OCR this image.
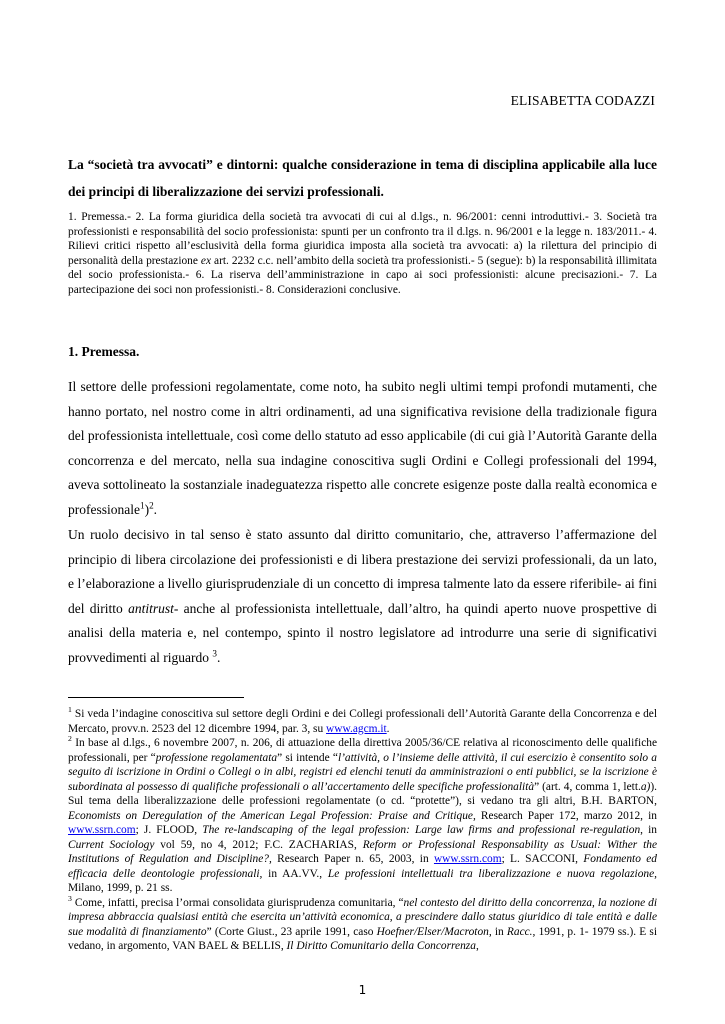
ELISABETTA CODAZZI
La “società tra avvocati” e dintorni: qualche considerazione in tema di disciplina applicabile alla luce dei principi di liberalizzazione dei servizi professionali.
1. Premessa.- 2. La forma giuridica della società tra avvocati di cui al d.lgs., n. 96/2001: cenni introduttivi.- 3. Società tra professionisti e responsabilità del socio professionista: spunti per un confronto tra il d.lgs. n. 96/2001 e la legge n. 183/2011.- 4. Rilievi critici rispetto all’esclusività della forma giuridica imposta alla società tra avvocati: a) la rilettura del principio di personalità della prestazione ex art. 2232 c.c. nell’ambito della società tra professionisti.- 5 (segue): b) la responsabilità illimitata del socio professionista.- 6. La riserva dell’amministrazione in capo ai soci professionisti: alcune precisazioni.- 7. La partecipazione dei soci non professionisti.- 8. Considerazioni conclusive.
1. Premessa.
Il settore delle professioni regolamentate, come noto, ha subito negli ultimi tempi profondi mutamenti, che hanno portato, nel nostro come in altri ordinamenti, ad una significativa revisione della tradizionale figura del professionista intellettuale, così come dello statuto ad esso applicabile (di cui già l’Autorità Garante della concorrenza e del mercato, nella sua indagine conoscitiva sugli Ordini e Collegi professionali del 1994, aveva sottolineato la sostanziale inadeguatezza rispetto alle concrete esigenze poste dalla realtà economica e professionale$^1$)$^2$.
Un ruolo decisivo in tal senso è stato assunto dal diritto comunitario, che, attraverso l’affermazione del principio di libera circolazione dei professionisti e di libera prestazione dei servizi professionali, da un lato, e l’elaborazione a livello giurisprudenziale di un concetto di impresa talmente lato da essere riferibile- ai fini del diritto antitrust- anche al professionista intellettuale, dall’altro, ha quindi aperto nuove prospettive di analisi della materia e, nel contempo, spinto il nostro legislatore ad introdurre una serie di significativi provvedimenti al riguardo $^3$.

$^1$ Si veda l’indagine conoscitiva sul settore degli Ordini e dei Collegi professionali dell’Autorità Garante della Concorrenza e del Mercato, provv.n. 2523 del 12 dicembre 1994, par. 3, su www.agcm.it.

$^2$ In base al d.lgs., 6 novembre 2007, n. 206, di attuazione della direttiva 2005/36/CE relativa al riconoscimento delle qualifiche professionali, per “professione regolamentata” si intende “l’attività, o l’insieme delle attività, il cui esercizio è consentito solo a seguito di iscrizione in Ordini o Collegi o in albi, registri ed elenchi tenuti da amministrazioni o enti pubblici, se la iscrizione è subordinata al possesso di qualifiche professionali o all’accertamento delle specifiche professionalità” (art. 4, comma 1, lett.a)). Sul tema della liberalizzazione delle professioni regolamentate (o cd. “protette”), si vedano tra gli altri, B.H. BARTON, Economists on Deregulation of the American Legal Profession: Praise and Critique, Research Paper 172, marzo 2012, in www.ssrn.com; J. FLOOD, The re-landscaping of the legal profession: Large law firms and professional re-regulation, in Current Sociology vol 59, no 4, 2012; F.C. ZACHARIAS, Reform or Professional Responsability as Usual: Wither the Institutions of Regulation and Discipline?, Research Paper n. 65, 2003, in www.ssrn.com; L. SACCONI, Fondamento ed efficacia delle deontologie professionali, in AA.VV., Le professioni intellettuali tra liberalizzazione e nuova regolazione, Milano, 1999, p. 21 ss.

$^3$ Come, infatti, precisa l’ormai consolidata giurisprudenza comunitaria, “nel contesto del diritto della concorrenza, la nozione di impresa abbraccia qualsiasi entità che esercita un’attività economica, a prescindere dallo status giuridico di tale entità e dalle sue modalità di finanziamento” (Corte Giust., 23 aprile 1991, caso Hoefner/Elser/Macroton, in Racc., 1991, p. 1- 1979 ss.). E si vedano, in argomento, VAN BAEL & BELLIS, Il Diritto Comunitario della Concorrenza,

1
